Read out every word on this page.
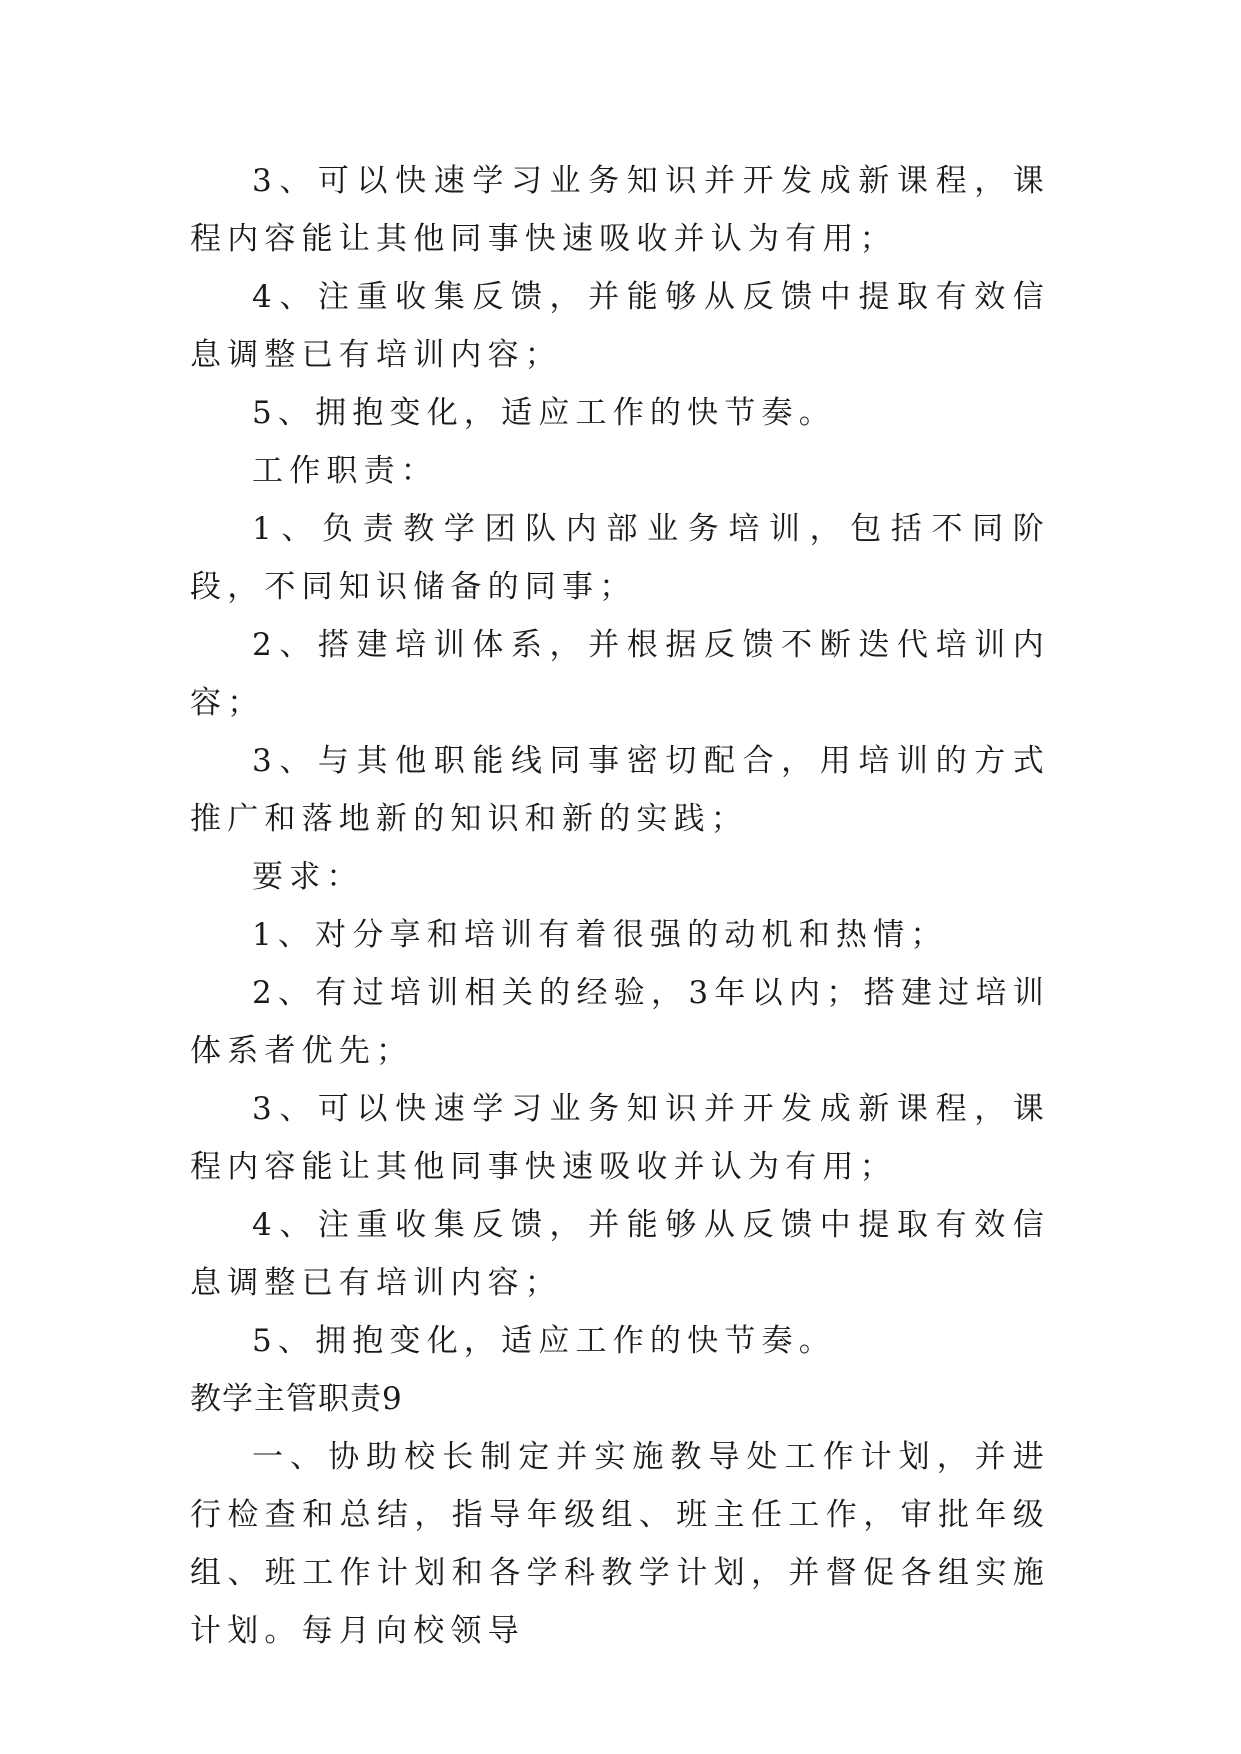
3、可以快速学习业务知识并开发成新课程，课程内容能让其他同事快速吸收并认为有用；

4、注重收集反馈，并能够从反馈中提取有效信息调整已有培训内容；

5、拥抱变化，适应工作的快节奏。

工作职责：

1、负责教学团队内部业务培训，包括不同阶段，不同知识储备的同事；

2、搭建培训体系，并根据反馈不断迭代培训内容；

3、与其他职能线同事密切配合，用培训的方式推广和落地新的知识和新的实践；

要求：

1、对分享和培训有着很强的动机和热情；

2、有过培训相关的经验，3年以内；搭建过培训体系者优先；

3、可以快速学习业务知识并开发成新课程，课程内容能让其他同事快速吸收并认为有用；

4、注重收集反馈，并能够从反馈中提取有效信息调整已有培训内容；

5、拥抱变化，适应工作的快节奏。

教学主管职责9

一、协助校长制定并实施教导处工作计划，并进行检查和总结，指导年级组、班主任工作，审批年级组、班工作计划和各学科教学计划，并督促各组实施计划。每月向校领导
